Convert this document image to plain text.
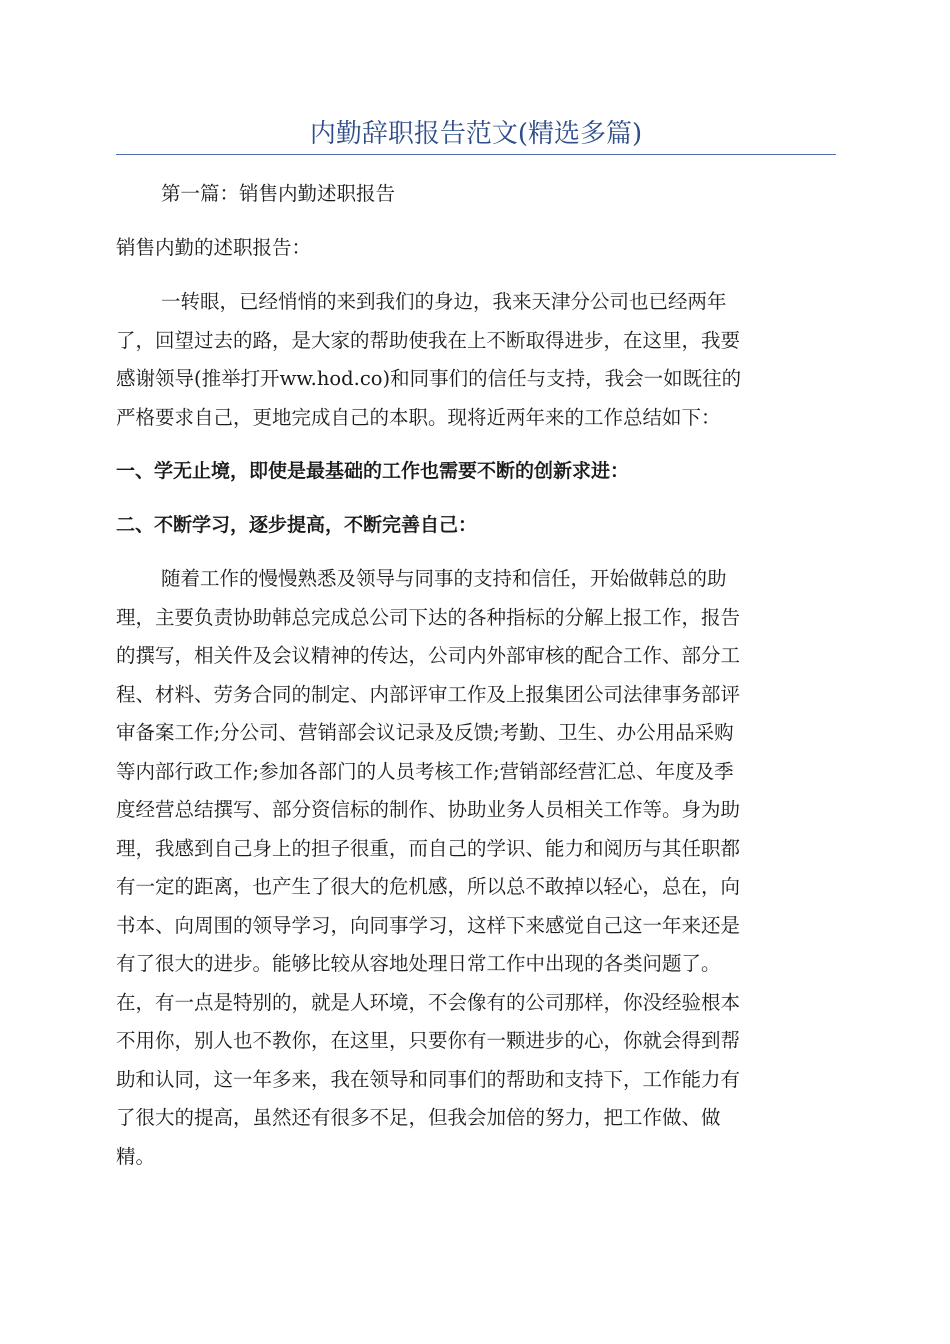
内勤辞职报告范文(精选多篇)
第一篇：销售内勤述职报告
销售内勤的述职报告：
一转眼，已经悄悄的来到我们的身边，我来天津分公司也已经两年
了，回望过去的路，是大家的帮助使我在上不断取得进步，在这里，我要
感谢领导(推举打开ww.hod.co)和同事们的信任与支持，我会一如既往的
严格要求自己，更地完成自己的本职。现将近两年来的工作总结如下：
一、学无止境，即使是最基础的工作也需要不断的创新求进：
二、不断学习，逐步提高，不断完善自己：
随着工作的慢慢熟悉及领导与同事的支持和信任，开始做韩总的助
理，主要负责协助韩总完成总公司下达的各种指标的分解上报工作，报告
的撰写，相关件及会议精神的传达，公司内外部审核的配合工作、部分工
程、材料、劳务合同的制定、内部评审工作及上报集团公司法律事务部评
审备案工作;分公司、营销部会议记录及反馈;考勤、卫生、办公用品采购
等内部行政工作;参加各部门的人员考核工作;营销部经营汇总、年度及季
度经营总结撰写、部分资信标的制作、协助业务人员相关工作等。身为助
理，我感到自己身上的担子很重，而自己的学识、能力和阅历与其任职都
有一定的距离，也产生了很大的危机感，所以总不敢掉以轻心，总在，向
书本、向周围的领导学习，向同事学习，这样下来感觉自己这一年来还是
有了很大的进步。能够比较从容地处理日常工作中出现的各类问题了。
在，有一点是特别的，就是人环境，不会像有的公司那样，你没经验根本
不用你，别人也不教你，在这里，只要你有一颗进步的心，你就会得到帮
助和认同，这一年多来，我在领导和同事们的帮助和支持下，工作能力有
了很大的提高，虽然还有很多不足，但我会加倍的努力，把工作做、做
精。
